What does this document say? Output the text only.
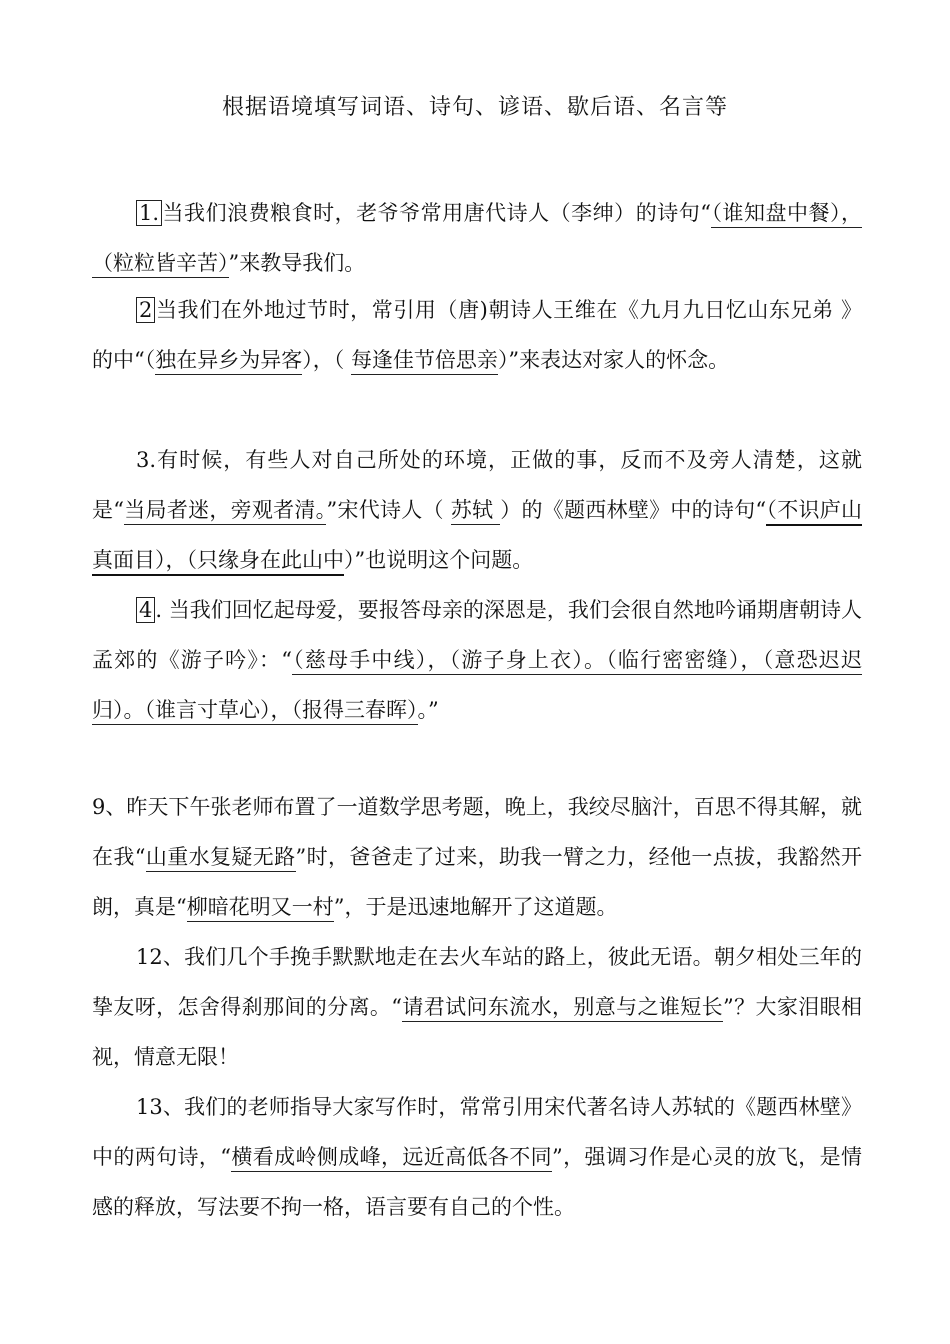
根据语境填写词语、诗句、谚语、歇后语、名言等
1. 当我们浪费粮食时，老爷爷常用唐代诗人（李绅）的诗句“（谁知盘中餐），（粒粒皆辛苦）”来教导我们。
2 当我们在外地过节时，常引用（唐)朝诗人王维在《九月九日忆山东兄弟 》的中“（独在异乡为异客），（ 每逢佳节倍思亲）”来表达对家人的怀念。
3.有时候，有些人对自己所处的环境，正做的事，反而不及旁人清楚，这就是“当局者迷，旁观者清。”宋代诗人（ 苏轼 ）的《题西林壁》中的诗句“（不识庐山真面目），（只缘身在此山中）”也说明这个问题。
4 . 当我们回忆起母爱，要报答母亲的深恩是，我们会很自然地吟诵期唐朝诗人孟郊的《游子吟》：“（慈母手中线），（游子身上衣）。（临行密密缝），（意恐迟迟归）。（谁言寸草心），（报得三春晖）。”
9、昨天下午张老师布置了一道数学思考题，晚上，我绞尽脑汁，百思不得其解，就在我“山重水复疑无路”时，爸爸走了过来，助我一臂之力，经他一点拔，我豁然开朗，真是“柳暗花明又一村”，于是迅速地解开了这道题。
12、我们几个手挽手默默地走在去火车站的路上，彼此无语。朝夕相处三年的挚友呀，怎舍得刹那间的分离。“请君试问东流水，别意与之谁短长”？大家泪眼相视，情意无限！
13、我们的老师指导大家写作时，常常引用宋代著名诗人苏轼的《题西林壁》中的两句诗，“横看成岭侧成峰，远近高低各不同”，强调习作是心灵的放飞，是情感的释放，写法要不拘一格，语言要有自己的个性。
